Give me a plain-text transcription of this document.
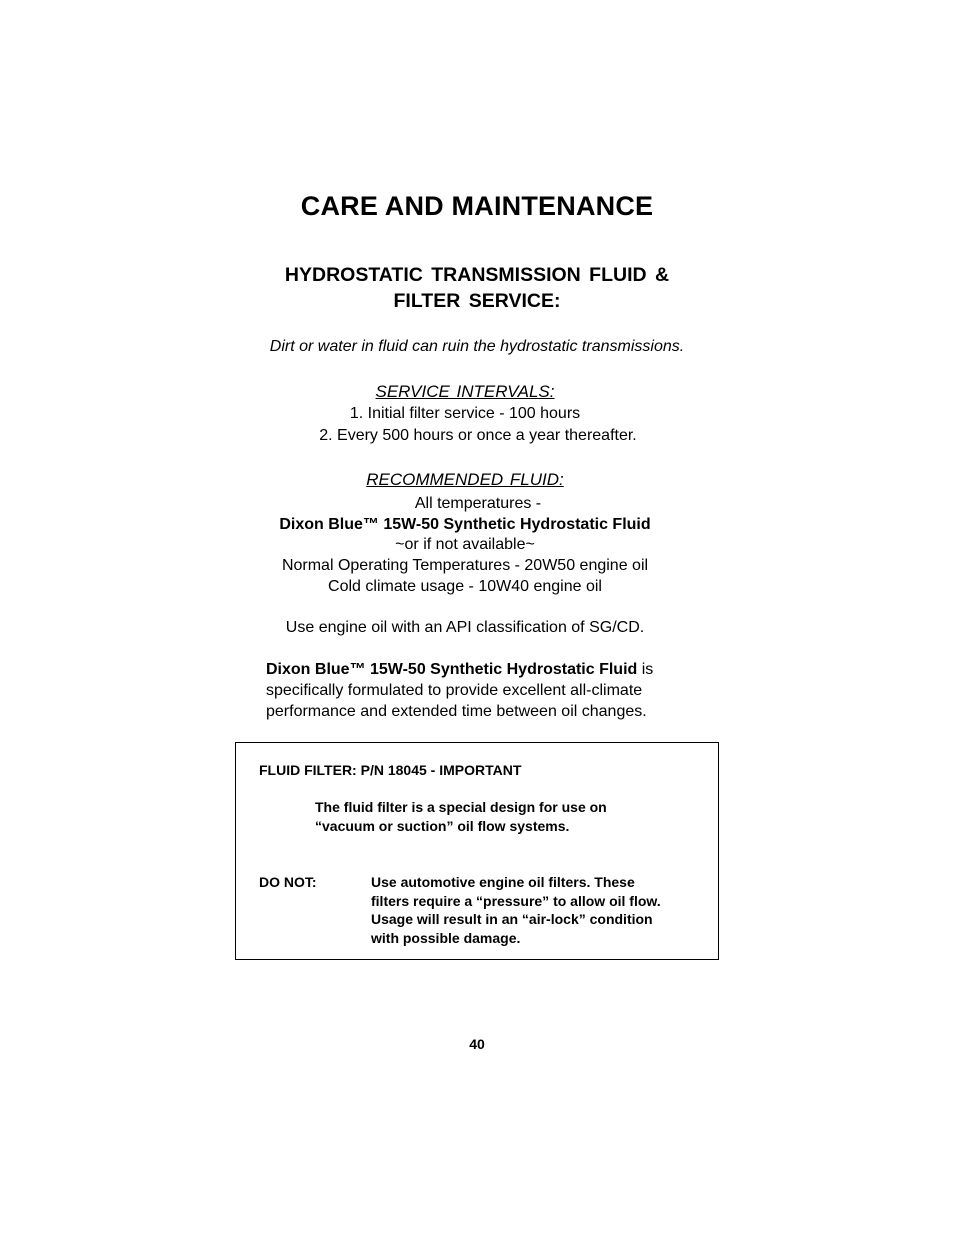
CARE AND MAINTENANCE
HYDROSTATIC TRANSMISSION FLUID &
FILTER SERVICE:
Dirt or water in fluid can ruin the hydrostatic transmissions.
SERVICE INTERVALS:
1. Initial filter service - 100 hours
2. Every 500 hours or once a year thereafter.
RECOMMENDED FLUID:
All temperatures -
Dixon Blue™ 15W-50 Synthetic Hydrostatic Fluid
~or if not available~
Normal Operating Temperatures - 20W50 engine oil
Cold climate usage - 10W40 engine oil
Use engine oil with an API classification of SG/CD.
Dixon Blue™ 15W-50 Synthetic Hydrostatic Fluid is
specifically formulated to provide excellent all-climate
performance and extended time between oil changes.
FLUID FILTER: P/N 18045 - IMPORTANT
The fluid filter is a special design for use on
“vacuum or suction” oil flow systems.
DO NOT:	Use automotive engine oil filters. These
filters require a “pressure” to allow oil flow.
Usage will result in an “air-lock” condition
with possible damage.
40
